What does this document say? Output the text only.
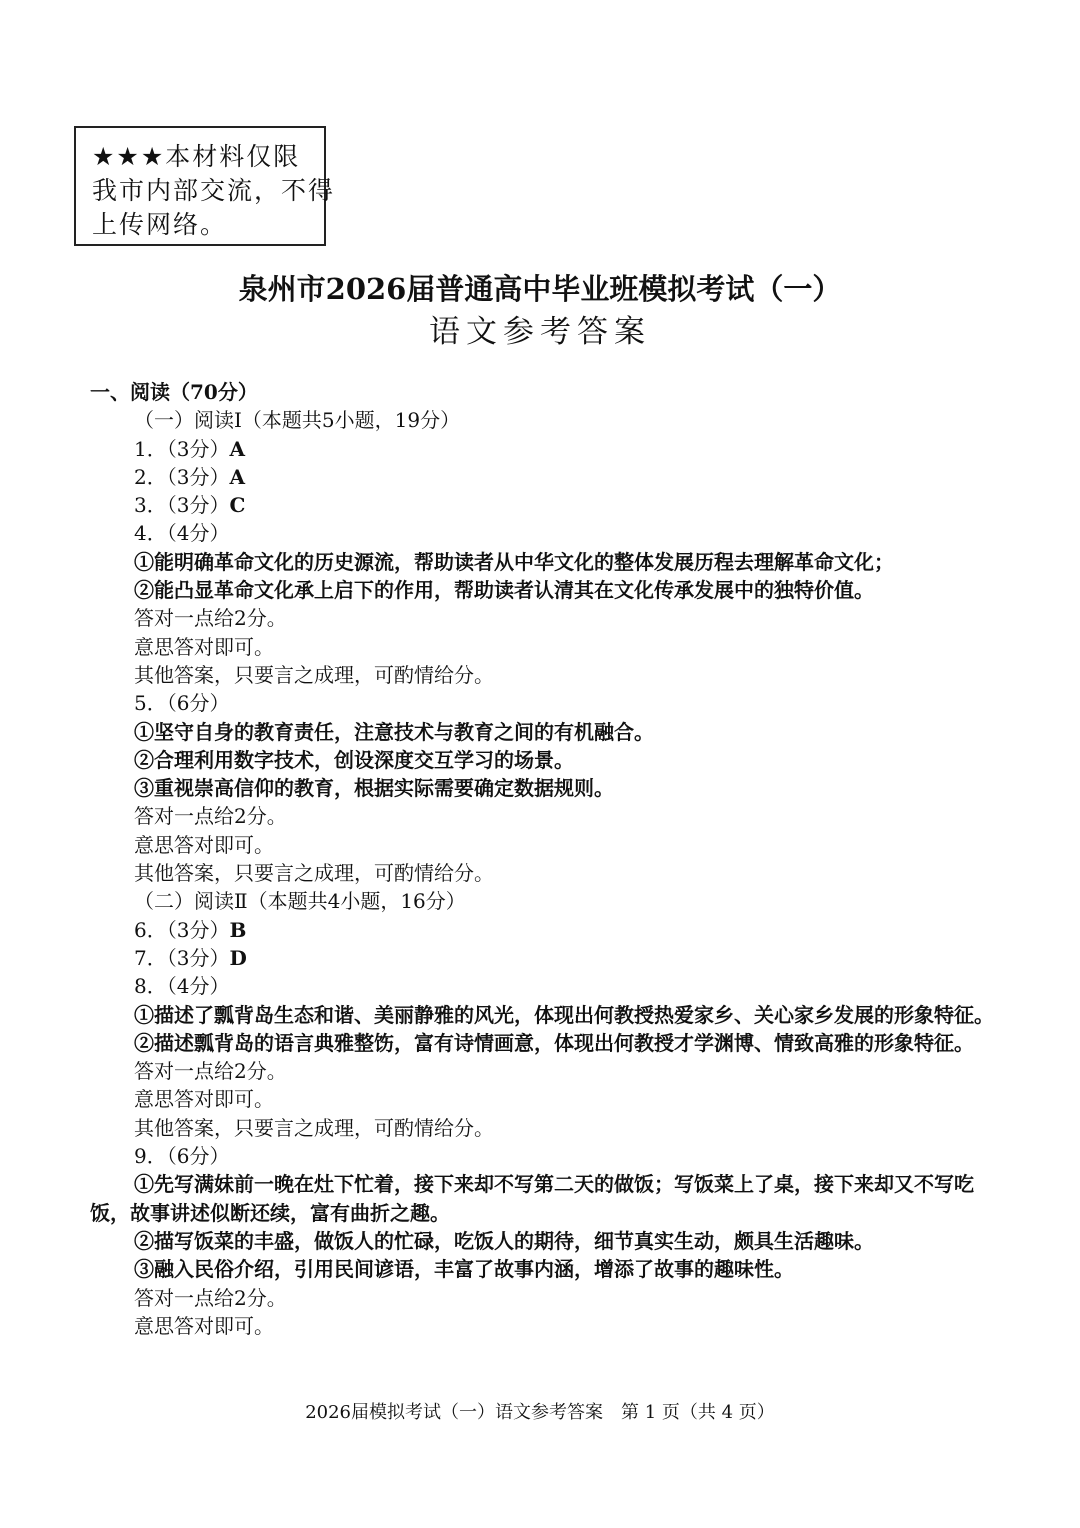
★★★本材料仅限
我市内部交流，不得
上传网络。
泉州市2026届普通高中毕业班模拟考试（一）
语文参考答案
一、阅读（70分）
（一）阅读Ⅰ（本题共5小题，19分）
1．（3分）A
2．（3分）A
3．（3分）C
4．（4分）
①能明确革命文化的历史源流，帮助读者从中华文化的整体发展历程去理解革命文化；
②能凸显革命文化承上启下的作用，帮助读者认清其在文化传承发展中的独特价值。
答对一点给2分。
意思答对即可。
其他答案，只要言之成理，可酌情给分。
5．（6分）
①坚守自身的教育责任，注意技术与教育之间的有机融合。
②合理利用数字技术，创设深度交互学习的场景。
③重视崇高信仰的教育，根据实际需要确定数据规则。
答对一点给2分。
意思答对即可。
其他答案，只要言之成理，可酌情给分。
（二）阅读Ⅱ（本题共4小题，16分）
6．（3分）B
7．（3分）D
8．（4分）
①描述了瓢背岛生态和谐、美丽静雅的风光，体现出何教授热爱家乡、关心家乡发展的形象特征。
②描述瓢背岛的语言典雅整饬，富有诗情画意，体现出何教授才学渊博、情致高雅的形象特征。
答对一点给2分。
意思答对即可。
其他答案，只要言之成理，可酌情给分。
9．（6分）
①先写满妹前一晚在灶下忙着，接下来却不写第二天的做饭；写饭菜上了桌，接下来却又不写吃饭，故事讲述似断还续，富有曲折之趣。
②描写饭菜的丰盛，做饭人的忙碌，吃饭人的期待，细节真实生动，颇具生活趣味。
③融入民俗介绍，引用民间谚语，丰富了故事内涵，增添了故事的趣味性。
答对一点给2分。
意思答对即可。
2026届模拟考试（一）语文参考答案　第 1 页（共 4 页）
